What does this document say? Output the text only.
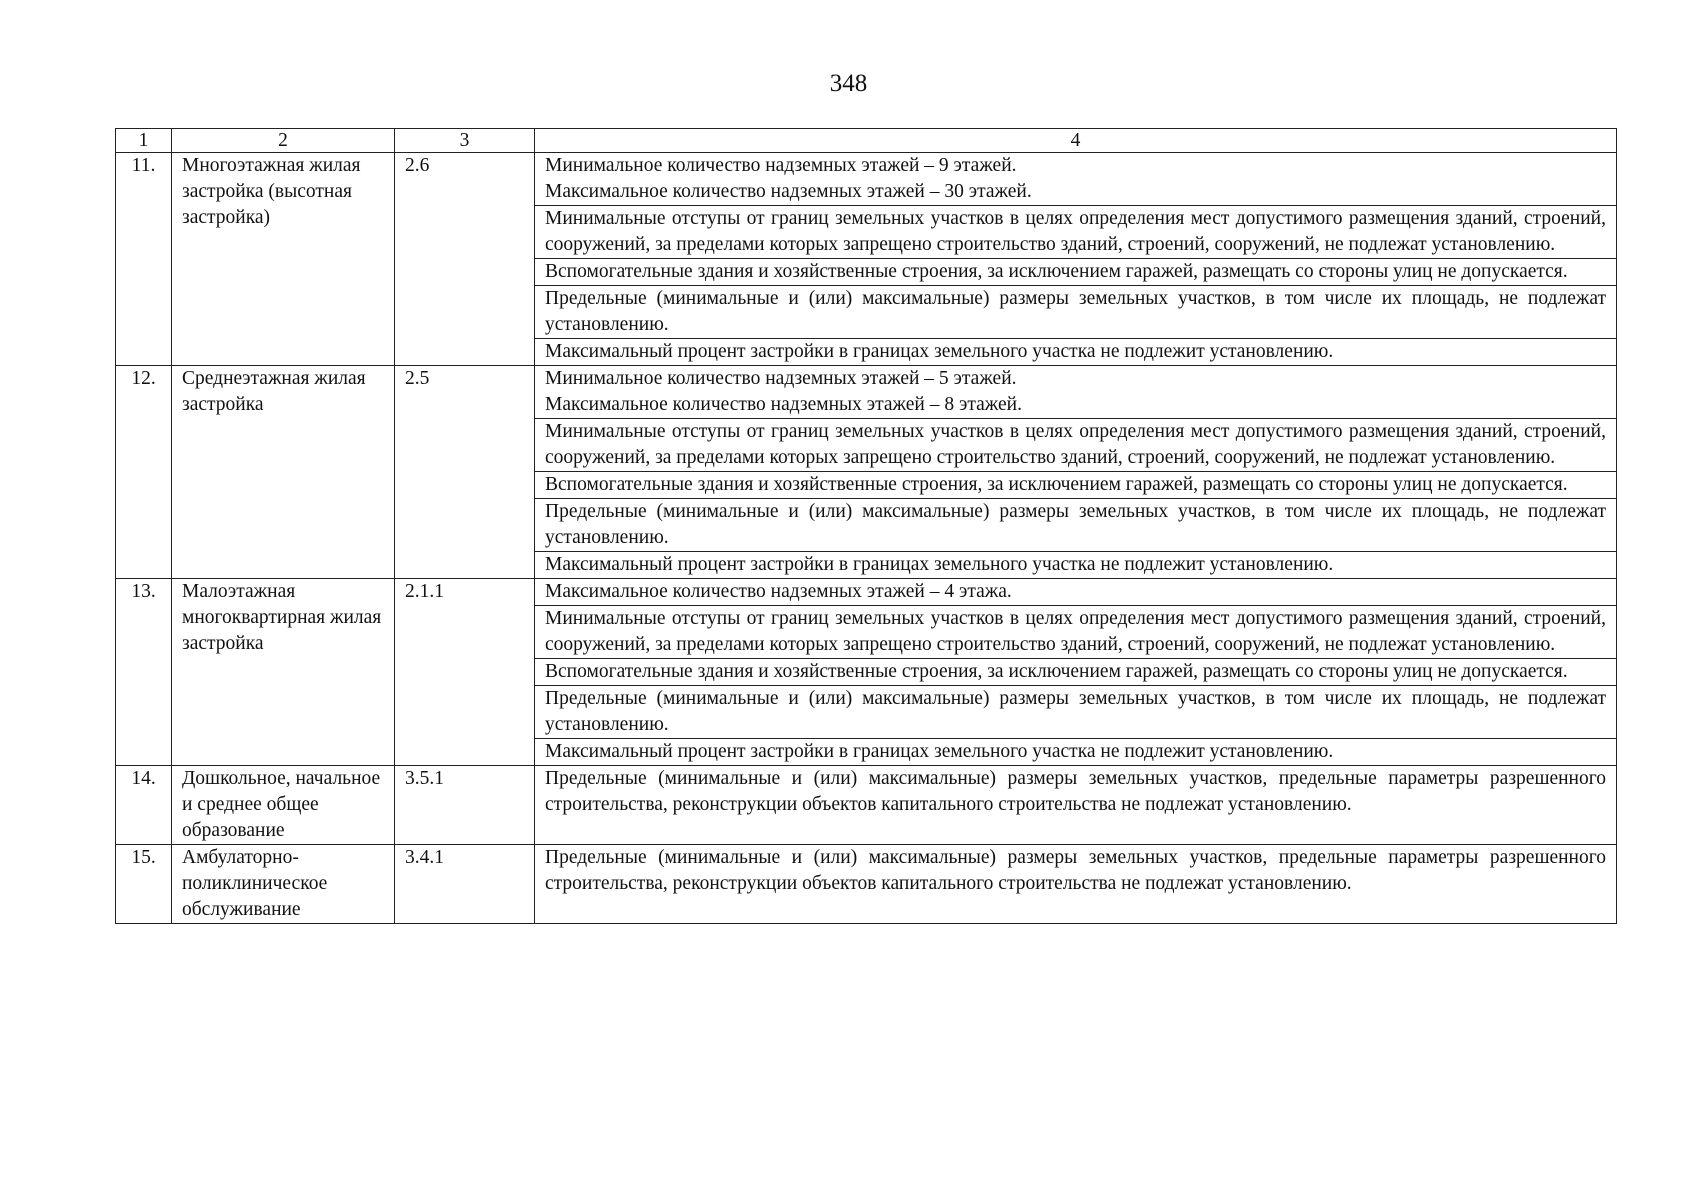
348
1	2	3	4
11.	Многоэтажная жилая застройка (высотная застройка)	2.6	Минимальное количество надземных этажей – 9 этажей.
Максимальное количество надземных этажей – 30 этажей.

			Минимальные отступы от границ земельных участков в целях определения мест допустимого размещения зданий, строений, сооружений, за пределами которых запрещено строительство зданий, строений, сооружений, не подлежат установлению.
			Вспомогательные здания и хозяйственные строения, за исключением гаражей, размещать со стороны улиц не допускается.
			Предельные (минимальные и (или) максимальные) размеры земельных участков, в том числе их площадь, не подлежат установлению.
			Максимальный процент застройки в границах земельного участка не подлежит установлению.
12.	Среднеэтажная жилая застройка	2.5	Минимальное количество надземных этажей – 5 этажей.
Максимальное количество надземных этажей – 8 этажей.

			Минимальные отступы от границ земельных участков в целях определения мест допустимого размещения зданий, строений, сооружений, за пределами которых запрещено строительство зданий, строений, сооружений, не подлежат установлению.
			Вспомогательные здания и хозяйственные строения, за исключением гаражей, размещать со стороны улиц не допускается.
			Предельные (минимальные и (или) максимальные) размеры земельных участков, в том числе их площадь, не подлежат установлению.
			Максимальный процент застройки в границах земельного участка не подлежит установлению.
13.	Малоэтажная многоквартирная жилая застройка	2.1.1	Максимальное количество надземных этажей – 4 этажа.
			Минимальные отступы от границ земельных участков в целях определения мест допустимого размещения зданий, строений, сооружений, за пределами которых запрещено строительство зданий, строений, сооружений, не подлежат установлению.
			Вспомогательные здания и хозяйственные строения, за исключением гаражей, размещать со стороны улиц не допускается.
			Предельные (минимальные и (или) максимальные) размеры земельных участков, в том числе их площадь, не подлежат установлению.
			Максимальный процент застройки в границах земельного участка не подлежит установлению.
14.	Дошкольное, начальное и среднее общее образование	3.5.1	Предельные (минимальные и (или) максимальные) размеры земельных участков, предельные параметры разрешенного строительства, реконструкции объектов капитального строительства не подлежат установлению.
15.	Амбулаторно-поликлиническое обслуживание	3.4.1	Предельные (минимальные и (или) максимальные) размеры земельных участков, предельные параметры разрешенного строительства, реконструкции объектов капитального строительства не подлежат установлению.
